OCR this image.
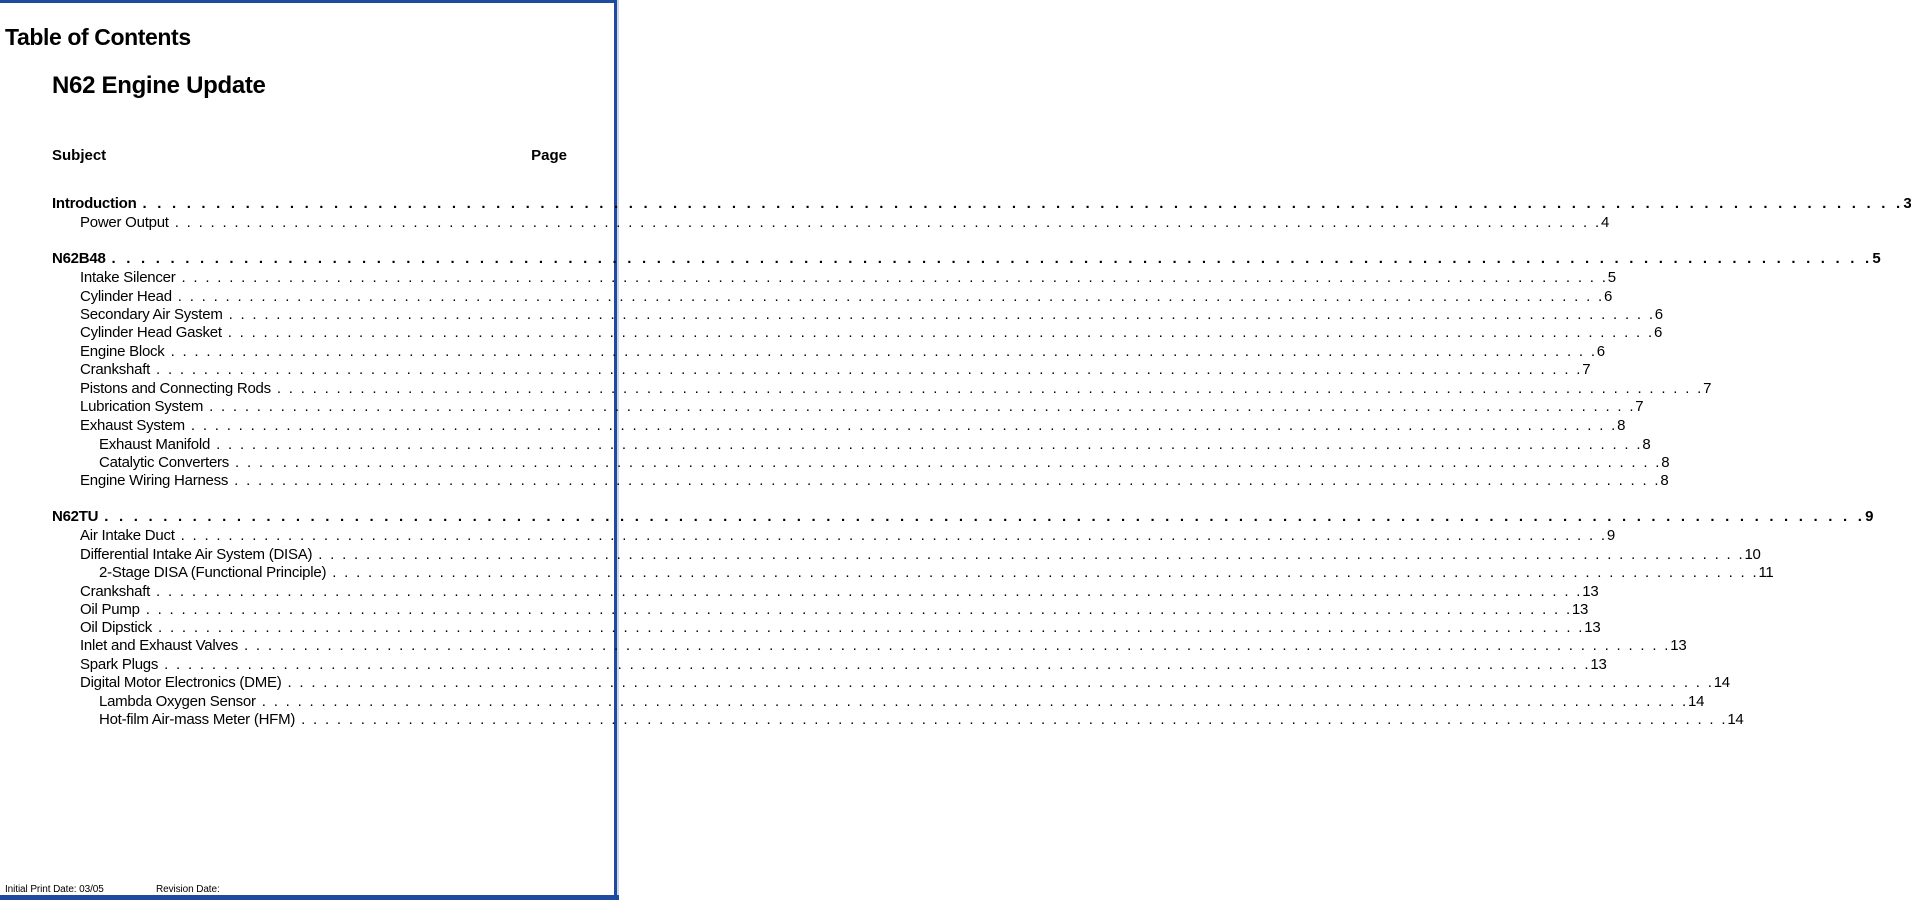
Table of Contents
N62 Engine Update
Subject	Page
Introduction . . . . . . . . . . . . . . . . . . . . . . . . . . . . . . . . . . . . . . . . . . . . . . . . . . . . . . . . . . . . . . . . . . . . . . . . . . . . . . . . . . . . . . . . . . . . . . . . . . . . . . . . . . . . . . . . . . . . . . . . 3
Power Output . . . . . . . . . . . . . . . . . . . . . . . . . . . . . . . . . . . . . . . . . . . . . . . . . . . . . . . . . . . . . . . . . . . . . . . . . . . . . . . . . . . . . . . . . . . . . . . . . . . . . . . . . . . . . . . . . . . . . . . . 4
N62B48 . . . . . . . . . . . . . . . . . . . . . . . . . . . . . . . . . . . . . . . . . . . . . . . . . . . . . . . . . . . . . . . . . . . . . . . . . . . . . . . . . . . . . . . . . . . . . . . . . . . . . . . . . . . . . . . . . . . . . . . . 5
Intake Silencer . . . . . . . . . . . . . . . . . . . . . . . . . . . . . . . . . . . . . . . . . . . . . . . . . . . . . . . . . . . . . . . . . . . . . . . . . . . . . . . . . . . . . . . . . . . . . . . . . . . . . . . . . . . . . . . . . . . . . . . . 5
Cylinder Head . . . . . . . . . . . . . . . . . . . . . . . . . . . . . . . . . . . . . . . . . . . . . . . . . . . . . . . . . . . . . . . . . . . . . . . . . . . . . . . . . . . . . . . . . . . . . . . . . . . . . . . . . . . . . . . . . . . . . . . . 6
Secondary Air System . . . . . . . . . . . . . . . . . . . . . . . . . . . . . . . . . . . . . . . . . . . . . . . . . . . . . . . . . . . . . . . . . . . . . . . . . . . . . . . . . . . . . . . . . . . . . . . . . . . . . . . . . . . . . . . . . . . . . . . . 6
Cylinder Head Gasket . . . . . . . . . . . . . . . . . . . . . . . . . . . . . . . . . . . . . . . . . . . . . . . . . . . . . . . . . . . . . . . . . . . . . . . . . . . . . . . . . . . . . . . . . . . . . . . . . . . . . . . . . . . . . . . . . . . . . . . . 6
Engine Block . . . . . . . . . . . . . . . . . . . . . . . . . . . . . . . . . . . . . . . . . . . . . . . . . . . . . . . . . . . . . . . . . . . . . . . . . . . . . . . . . . . . . . . . . . . . . . . . . . . . . . . . . . . . . . . . . . . . . . . . 6
Crankshaft . . . . . . . . . . . . . . . . . . . . . . . . . . . . . . . . . . . . . . . . . . . . . . . . . . . . . . . . . . . . . . . . . . . . . . . . . . . . . . . . . . . . . . . . . . . . . . . . . . . . . . . . . . . . . . . . . . . . . . . . 7
Pistons and Connecting Rods . . . . . . . . . . . . . . . . . . . . . . . . . . . . . . . . . . . . . . . . . . . . . . . . . . . . . . . . . . . . . . . . . . . . . . . . . . . . . . . . . . . . . . . . . . . . . . . . . . . . . . . . . . . . . . . . . . . . . . . . 7
Lubrication System . . . . . . . . . . . . . . . . . . . . . . . . . . . . . . . . . . . . . . . . . . . . . . . . . . . . . . . . . . . . . . . . . . . . . . . . . . . . . . . . . . . . . . . . . . . . . . . . . . . . . . . . . . . . . . . . . . . . . . . . 7
Exhaust System . . . . . . . . . . . . . . . . . . . . . . . . . . . . . . . . . . . . . . . . . . . . . . . . . . . . . . . . . . . . . . . . . . . . . . . . . . . . . . . . . . . . . . . . . . . . . . . . . . . . . . . . . . . . . . . . . . . . . . . . 8
Exhaust Manifold . . . . . . . . . . . . . . . . . . . . . . . . . . . . . . . . . . . . . . . . . . . . . . . . . . . . . . . . . . . . . . . . . . . . . . . . . . . . . . . . . . . . . . . . . . . . . . . . . . . . . . . . . . . . . . . . . . . . . . . . 8
Catalytic Converters . . . . . . . . . . . . . . . . . . . . . . . . . . . . . . . . . . . . . . . . . . . . . . . . . . . . . . . . . . . . . . . . . . . . . . . . . . . . . . . . . . . . . . . . . . . . . . . . . . . . . . . . . . . . . . . . . . . . . . . . 8
Engine Wiring Harness . . . . . . . . . . . . . . . . . . . . . . . . . . . . . . . . . . . . . . . . . . . . . . . . . . . . . . . . . . . . . . . . . . . . . . . . . . . . . . . . . . . . . . . . . . . . . . . . . . . . . . . . . . . . . . . . . . . . . . . . 8
N62TU . . . . . . . . . . . . . . . . . . . . . . . . . . . . . . . . . . . . . . . . . . . . . . . . . . . . . . . . . . . . . . . . . . . . . . . . . . . . . . . . . . . . . . . . . . . . . . . . . . . . . . . . . . . . . . . . . . . . . . . . 9
Air Intake Duct . . . . . . . . . . . . . . . . . . . . . . . . . . . . . . . . . . . . . . . . . . . . . . . . . . . . . . . . . . . . . . . . . . . . . . . . . . . . . . . . . . . . . . . . . . . . . . . . . . . . . . . . . . . . . . . . . . . . . . . . 9
Differential Intake Air System (DISA) . . . . . . . . . . . . . . . . . . . . . . . . . . . . . . . . . . . . . . . . . . . . . . . . . . . . . . . . . . . . . . . . . . . . . . . . . . . . . . . . . . . . . . . . . . . . . . . . . . . . . . . . . . . . . . . . . . . . . . . . 10
2-Stage DISA (Functional Principle) . . . . . . . . . . . . . . . . . . . . . . . . . . . . . . . . . . . . . . . . . . . . . . . . . . . . . . . . . . . . . . . . . . . . . . . . . . . . . . . . . . . . . . . . . . . . . . . . . . . . . . . . . . . . . . . . . . . . . . . . 11
Crankshaft . . . . . . . . . . . . . . . . . . . . . . . . . . . . . . . . . . . . . . . . . . . . . . . . . . . . . . . . . . . . . . . . . . . . . . . . . . . . . . . . . . . . . . . . . . . . . . . . . . . . . . . . . . . . . . . . . . . . . . . . 13
Oil Pump . . . . . . . . . . . . . . . . . . . . . . . . . . . . . . . . . . . . . . . . . . . . . . . . . . . . . . . . . . . . . . . . . . . . . . . . . . . . . . . . . . . . . . . . . . . . . . . . . . . . . . . . . . . . . . . . . . . . . . . . 13
Oil Dipstick . . . . . . . . . . . . . . . . . . . . . . . . . . . . . . . . . . . . . . . . . . . . . . . . . . . . . . . . . . . . . . . . . . . . . . . . . . . . . . . . . . . . . . . . . . . . . . . . . . . . . . . . . . . . . . . . . . . . . . . . 13
Inlet and Exhaust Valves . . . . . . . . . . . . . . . . . . . . . . . . . . . . . . . . . . . . . . . . . . . . . . . . . . . . . . . . . . . . . . . . . . . . . . . . . . . . . . . . . . . . . . . . . . . . . . . . . . . . . . . . . . . . . . . . . . . . . . . . 13
Spark Plugs . . . . . . . . . . . . . . . . . . . . . . . . . . . . . . . . . . . . . . . . . . . . . . . . . . . . . . . . . . . . . . . . . . . . . . . . . . . . . . . . . . . . . . . . . . . . . . . . . . . . . . . . . . . . . . . . . . . . . . . . 13
Digital Motor Electronics (DME) . . . . . . . . . . . . . . . . . . . . . . . . . . . . . . . . . . . . . . . . . . . . . . . . . . . . . . . . . . . . . . . . . . . . . . . . . . . . . . . . . . . . . . . . . . . . . . . . . . . . . . . . . . . . . . . . . . . . . . . . 14
Lambda Oxygen Sensor . . . . . . . . . . . . . . . . . . . . . . . . . . . . . . . . . . . . . . . . . . . . . . . . . . . . . . . . . . . . . . . . . . . . . . . . . . . . . . . . . . . . . . . . . . . . . . . . . . . . . . . . . . . . . . . . . . . . . . . . 14
Hot-film Air-mass Meter (HFM) . . . . . . . . . . . . . . . . . . . . . . . . . . . . . . . . . . . . . . . . . . . . . . . . . . . . . . . . . . . . . . . . . . . . . . . . . . . . . . . . . . . . . . . . . . . . . . . . . . . . . . . . . . . . . . . . . . . . . . . . 14
Initial Print Date: 03/05	Revision Date:
